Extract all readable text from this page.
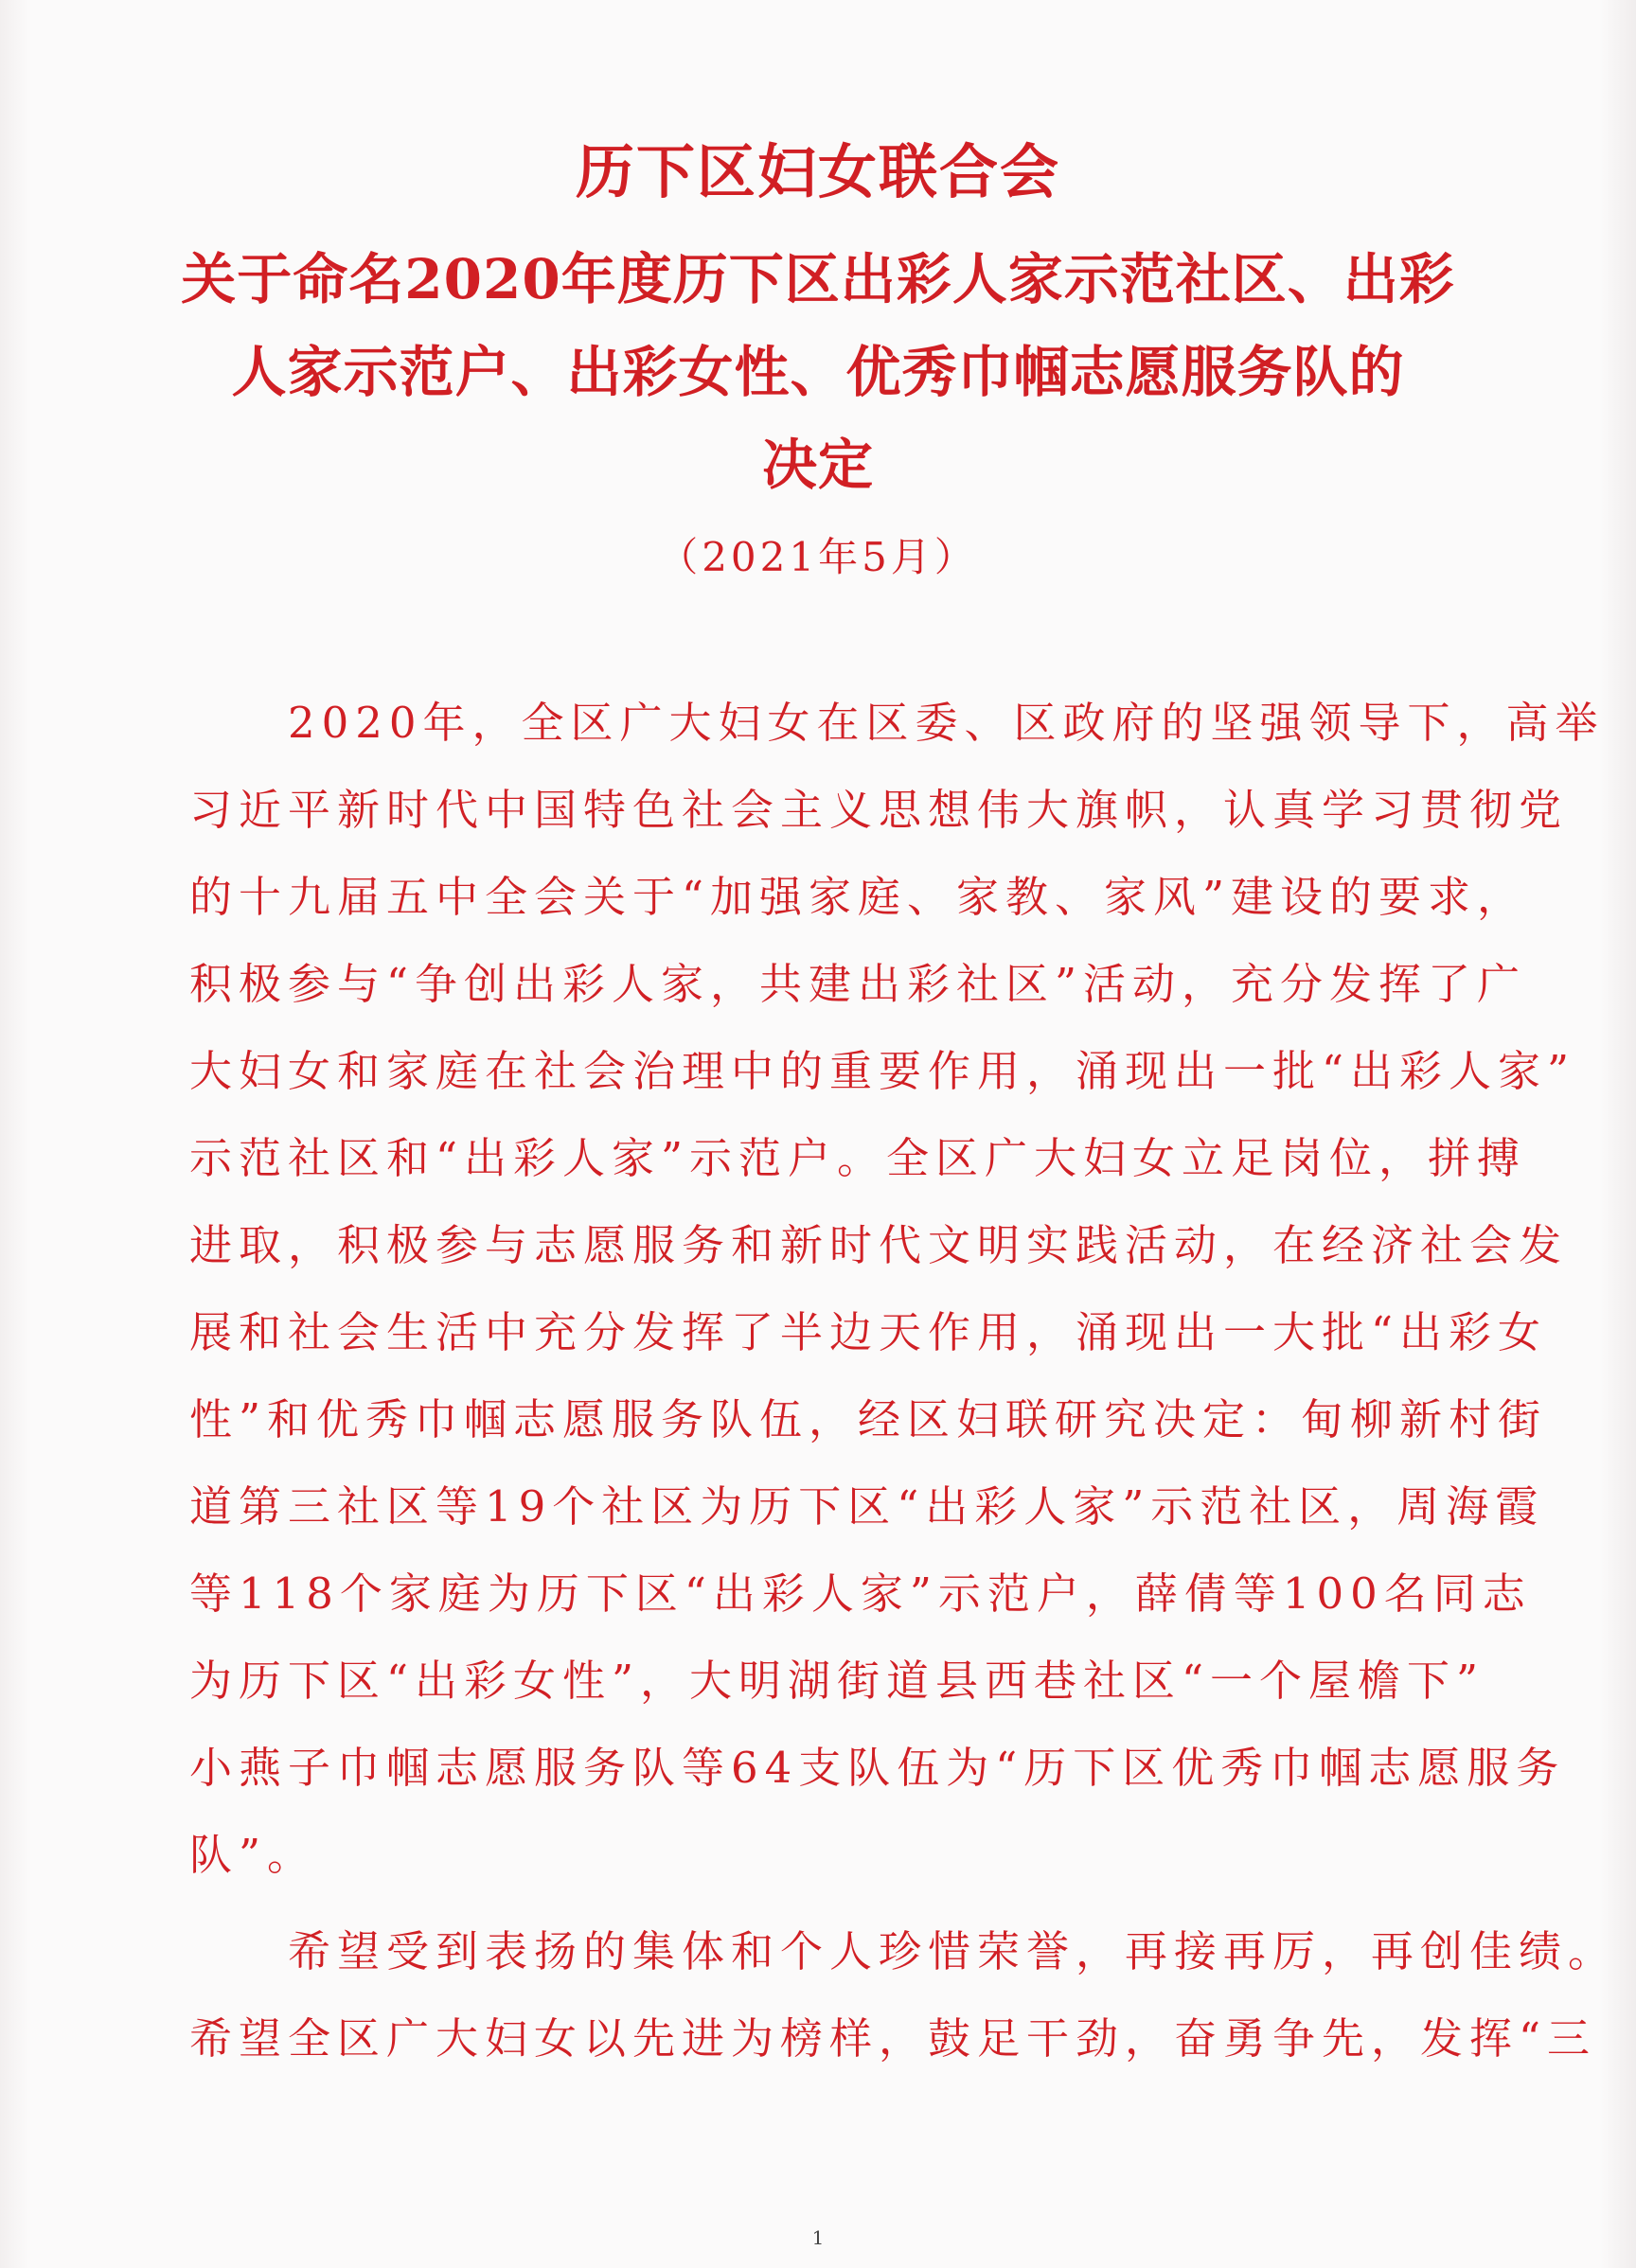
历下区妇女联合会
关于命名2020年度历下区出彩人家示范社区、出彩
人家示范户、出彩女性、优秀巾帼志愿服务队的
决定
（2021年5月）
　　2020年，全区广大妇女在区委、区政府的坚强领导下，高举
习近平新时代中国特色社会主义思想伟大旗帜，认真学习贯彻党
的十九届五中全会关于“加强家庭、家教、家风”建设的要求，
积极参与“争创出彩人家，共建出彩社区”活动，充分发挥了广
大妇女和家庭在社会治理中的重要作用，涌现出一批“出彩人家”
示范社区和“出彩人家”示范户。全区广大妇女立足岗位，拼搏
进取，积极参与志愿服务和新时代文明实践活动，在经济社会发
展和社会生活中充分发挥了半边天作用，涌现出一大批“出彩女
性”和优秀巾帼志愿服务队伍，经区妇联研究决定：甸柳新村街
道第三社区等19个社区为历下区“出彩人家”示范社区，周海霞
等118个家庭为历下区“出彩人家”示范户，薛倩等100名同志
为历下区“出彩女性”，大明湖街道县西巷社区“一个屋檐下”
小燕子巾帼志愿服务队等64支队伍为“历下区优秀巾帼志愿服务
队”。
　　希望受到表扬的集体和个人珍惜荣誉，再接再厉，再创佳绩。
希望全区广大妇女以先进为榜样，鼓足干劲，奋勇争先，发挥“三
1
